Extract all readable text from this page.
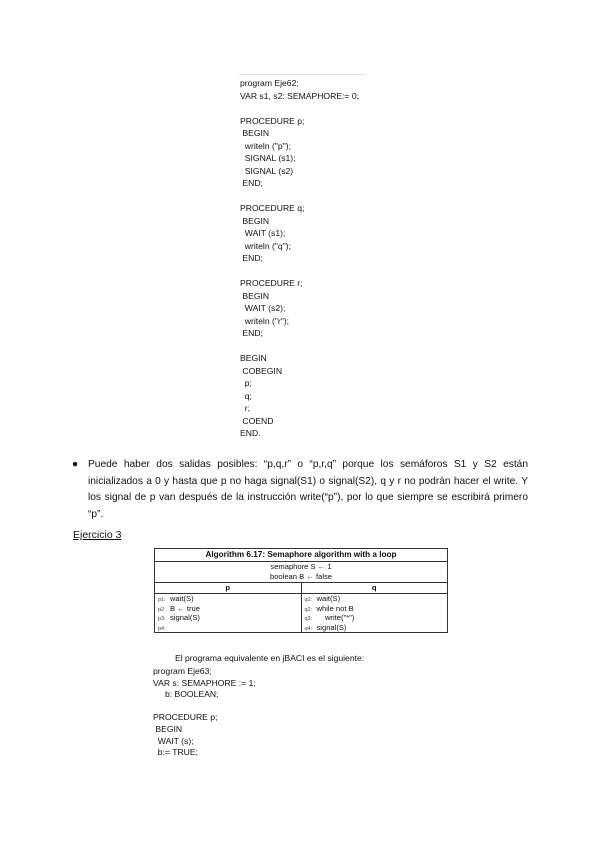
program Eje62;
VAR s1, s2: SEMAPHORE:= 0;

PROCEDURE p;
BEGIN
writeln ("p");
SIGNAL (s1);
SIGNAL (s2)
END;

PROCEDURE q;
BEGIN
WAIT (s1);
writeln ("q");
END;

PROCEDURE r;
BEGIN
WAIT (s2);
writeln ("r");
END;

BEGIN
COBEGIN
p;
q;
r;
COEND
END.
● Puede haber dos salidas posibles: “p,q,r” o “p,r,q” porque los semáforos S1 y S2 están inicializados a 0 y hasta que p no haga signal(S1) o signal(S2), q y r no podrán hacer el write. Y los signal de p van después de la instrucción write(“p”), por lo que siempre se escribirá primero “p”.
Ejercicio 3
Algorithm 6.17: Semaphore algorithm with a loop
semaphore S ← 1
boolean B ← false
p
p1: wait(S)
p2: B ← true
p3: signal(S)
p4:
q
q1: wait(S)
q2: while not B
q3:    write("*")
q4: signal(S)
El programa equivalente en jBACI es el siguiente:
program Eje63;
VAR s: SEMAPHORE := 1;
b: BOOLEAN;

PROCEDURE p;
BEGIN
WAIT (s);
b:= TRUE;
